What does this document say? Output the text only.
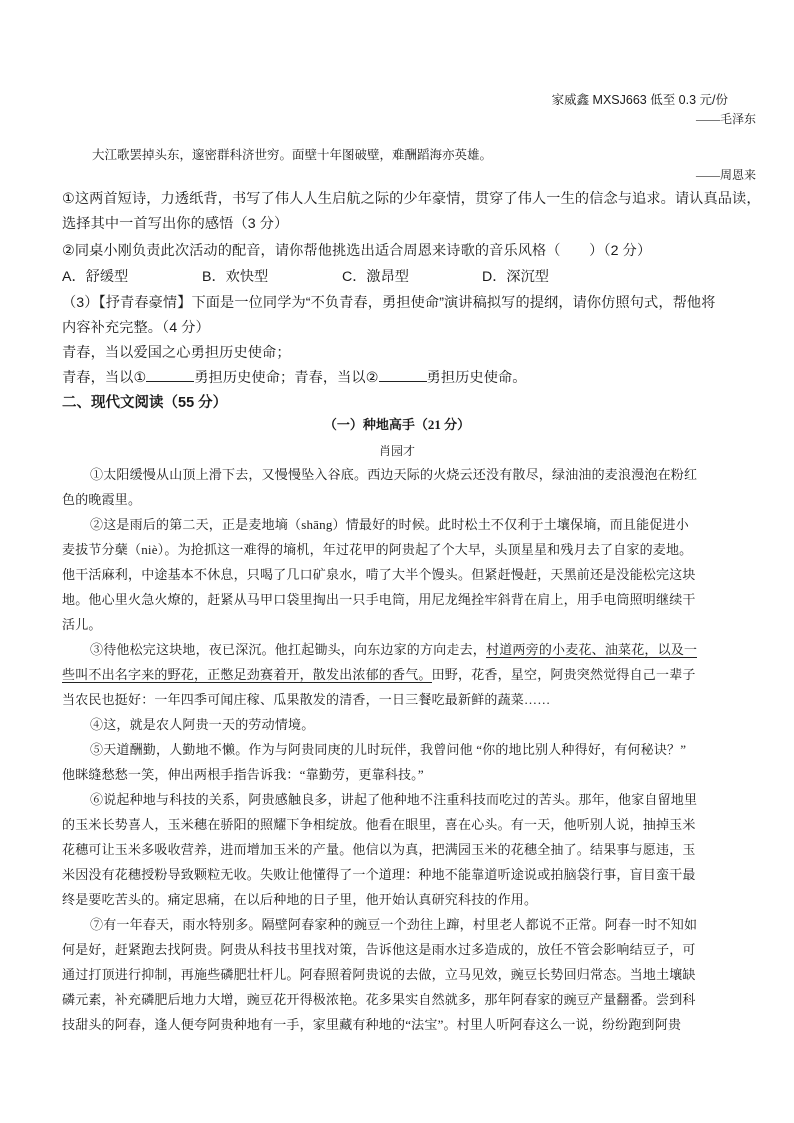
家威鑫 MXSJ663 低至 0.3 元/份
——毛泽东
大江歌罢掉头东，邃密群科济世穷。面壁十年图破壁，难酬蹈海亦英雄。
——周恩来
①这两首短诗，力透纸背，书写了伟人人生启航之际的少年豪情，贯穿了伟人一生的信念与追求。请认真品读，
选择其中一首写出你的感悟（3 分）
②同桌小刚负责此次活动的配音，请你帮他挑选出适合周恩来诗歌的音乐风格（　　）（2 分）
A．舒缓型	B．欢快型	C．激昂型	D．深沉型
（3）【抒青春豪情】下面是一位同学为“不负青春，勇担使命”演讲稿拟写的提纲，请你仿照句式，帮他将
内容补充完整。（4 分）
青春，当以爱国之心勇担历史使命；
青春，当以①	勇担历史使命；青春，当以②	勇担历史使命。
二、现代文阅读（55 分）
（一）种地高手（21 分）
肖园才
①太阳缓慢从山顶上滑下去，又慢慢坠入谷底。西边天际的火烧云还没有散尽，绿油油的麦浪漫泡在粉红
色的晚霞里。
②这是雨后的第二天，正是麦地墒（shāng）情最好的时候。此时松土不仅利于土壤保墒，而且能促进小
麦拔节分蘖（niè）。为抢抓这一难得的墒机，年过花甲的阿贵起了个大早，头顶星星和残月去了自家的麦地。
他干活麻利，中途基本不休息，只喝了几口矿泉水，啃了大半个馒头。但紧赶慢赶，天黑前还是没能松完这块
地。他心里火急火燎的，赶紧从马甲口袋里掏出一只手电筒，用尼龙绳拴牢斜背在肩上，用手电筒照明继续干
活儿。
③待他松完这块地，夜已深沉。他扛起锄头，向东边家的方向走去，村道两旁的小麦花、油菜花，以及一
些叫不出名字来的野花，正憋足劲赛着开，散发出浓郁的香气。田野，花香，星空，阿贵突然觉得自己一辈子
当农民也挺好：一年四季可闻庄稼、瓜果散发的清香，一日三餐吃最新鲜的蔬菜……
④这，就是农人阿贵一天的劳动情境。
⑤天道酬勤，人勤地不懒。作为与阿贵同庚的儿时玩伴，我曾问他 “你的地比别人种得好，有何秘诀？”
他眯缝愁愁一笑，伸出两根手指告诉我：“靠勤劳，更靠科技。”
⑥说起种地与科技的关系，阿贵感触良多，讲起了他种地不注重科技而吃过的苦头。那年，他家自留地里
的玉米长势喜人，玉米穗在骄阳的照耀下争相绽放。他看在眼里，喜在心头。有一天，他听别人说，抽掉玉米
花穗可让玉米多吸收营养，进而增加玉米的产量。他信以为真，把满园玉米的花穗全抽了。结果事与愿违，玉
米因没有花穗授粉导致颗粒无收。失败让他懂得了一个道理：种地不能靠道听途说或拍脑袋行事，盲目蛮干最
终是要吃苦头的。痛定思痛，在以后种地的日子里，他开始认真研究科技的作用。
⑦有一年春天，雨水特别多。隔壁阿春家种的豌豆一个劲往上蹿，村里老人都说不正常。阿春一时不知如
何是好，赶紧跑去找阿贵。阿贵从科技书里找对策，告诉他这是雨水过多造成的，放任不管会影响结豆子，可
通过打顶进行抑制，再施些磷肥壮杆儿。阿春照着阿贵说的去做，立马见效，豌豆长势回归常态。当地土壤缺
磷元素，补充磷肥后地力大增，豌豆花开得极浓艳。花多果实自然就多，那年阿春家的豌豆产量翻番。尝到科
技甜头的阿春，逢人便夸阿贵种地有一手，家里藏有种地的“法宝”。村里人听阿春这么一说，纷纷跑到阿贵
